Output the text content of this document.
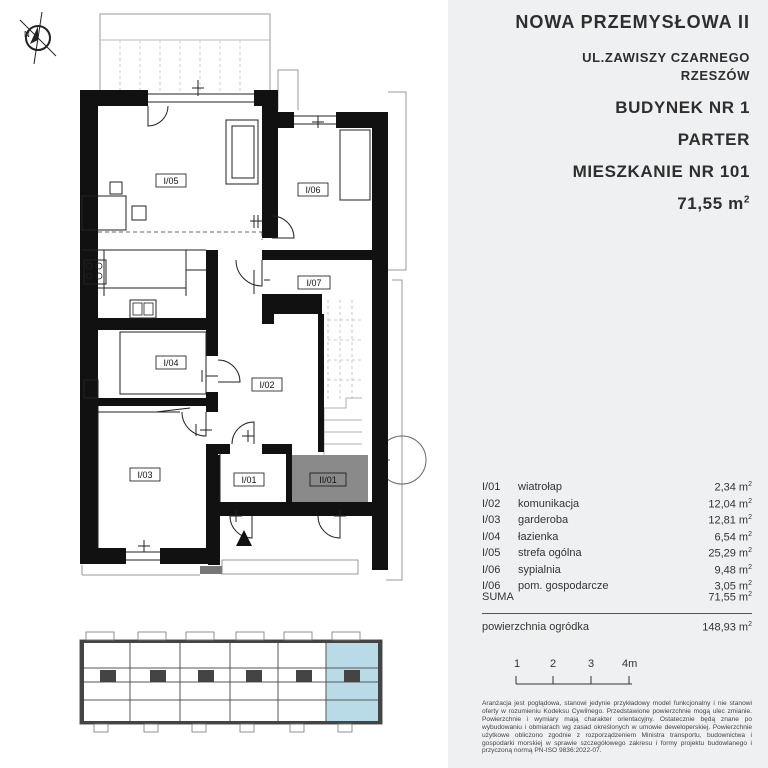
N
I/05
I/06
I/07
I/04
I/02
I/03	I/01	II/01
NOWA PRZEMYSŁOWA II
UL.ZAWISZY CZARNEGO
RZESZÓW
BUDYNEK NR 1
PARTER
MIESZKANIE NR 101
71,55 $m^2$
I/01 wiatrołap	2,34 $m^2$
I/02 komunikacja	12,04 $m^2$
I/03 garderoba	12,81 $m^2$
I/04 łazienka	6,54 $m^2$
I/05 strefa ogólna	25,29 $m^2$
I/06 sypialnia	9,48 $m^2$
I/06 pom. gospodarcze	3,05 $m^2$
SUMA	71,55 $m^2$
powierzchnia ogródka	148,93 $m^2$
1	2	3	4m
Aranżacja jest poglądowa, stanowi jedynie przykładowy model funkcjonalny i nie stanowi oferty w rozumieniu Kodeksu Cywilnego. Przedstawione powierzchnie mogą ulec zmianie. Powierzchnie i wymiary mają charakter orientacyjny. Ostatecznie będą znane po wybudowaniu i obmiarach wg zasad określonych w umowie deweloperskiej. Powierzchnie użytkowe obliczono zgodnie z rozporządzeniem Ministra transportu, budownictwa i gospodarki morskiej w sprawie szczegółowego zakresu i formy projektu budowlanego i przyczoną normą PN-ISO 9836:2022-07.
